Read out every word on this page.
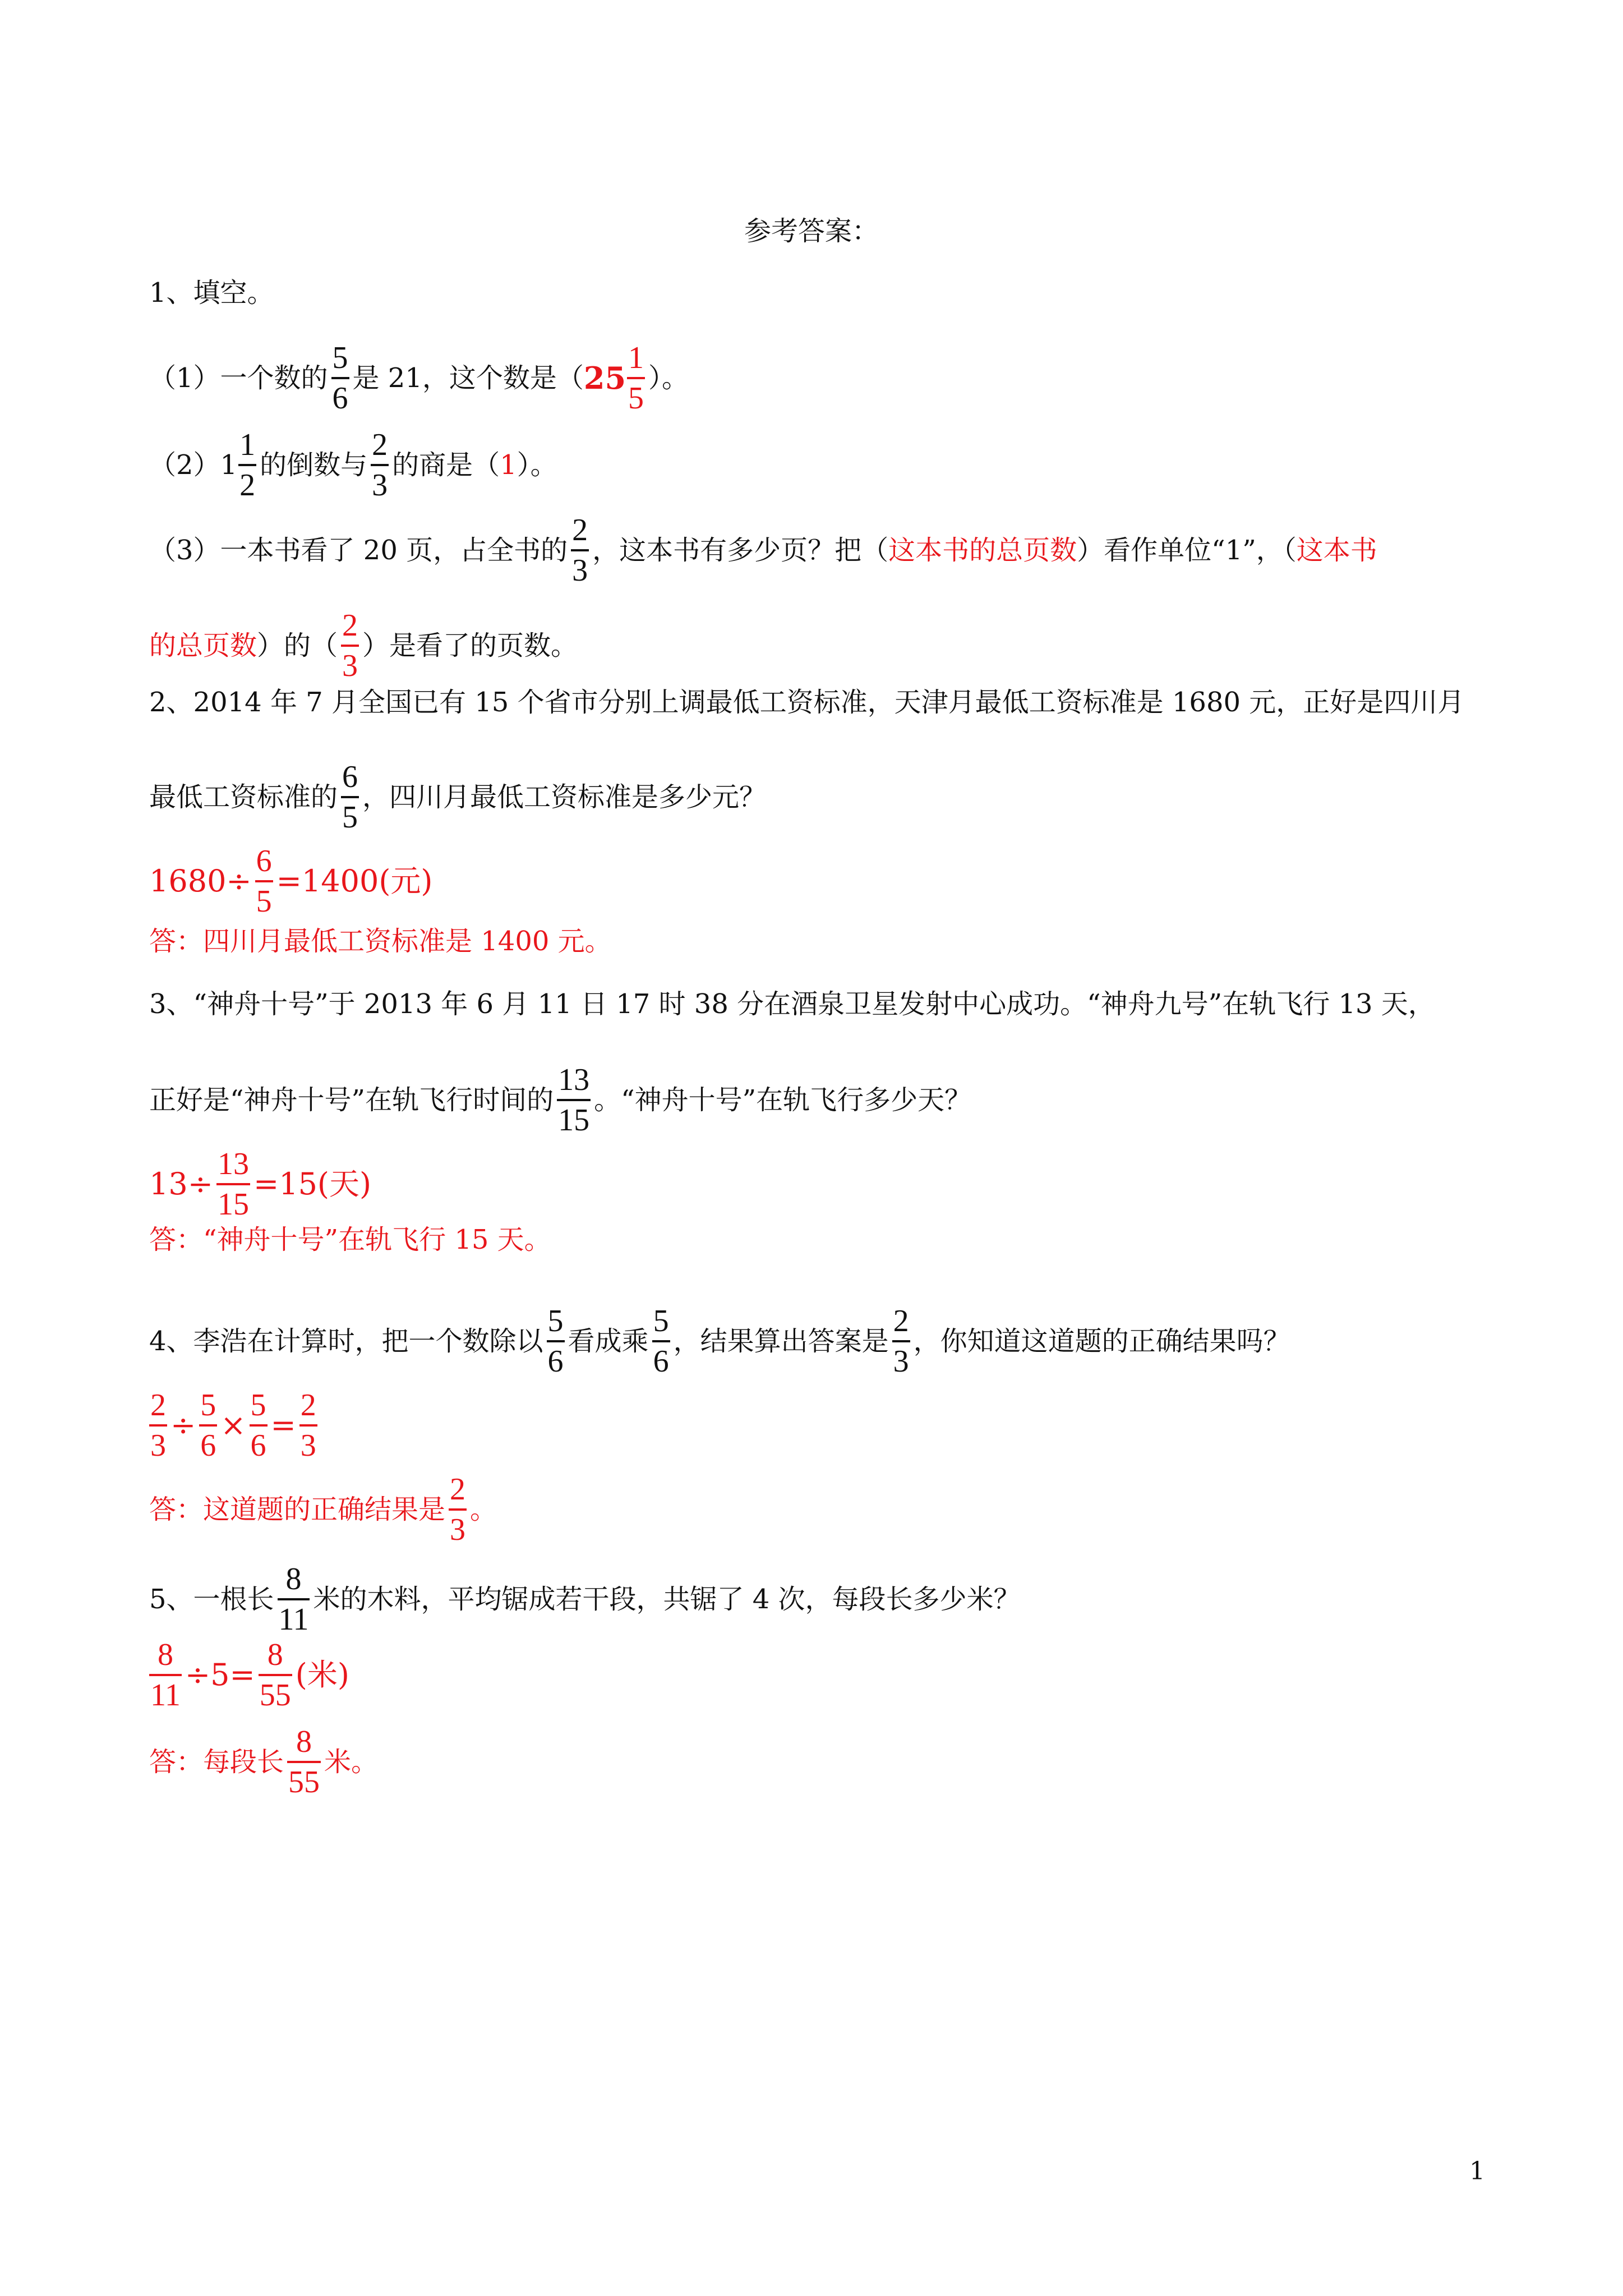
参考答案：
1、填空。
（1）一个数的 $\frac{5}{6}$ 是 21，这个数是（ $25 \frac{1}{5}$ ）。
$(2)1 \frac{1}{2}$ 的倒数与 $\frac{2}{3}$ 的商是（ 1 ）。
（3）一本书看了 20 页，占全书的 $\frac{2}{3}$ ，这本书有多少页？把（ 这本书的总页数 ）看作单位“1”，（ 这本书
的总页数 ）的（ $\frac{2}{3}$ ）是看了的页数。
2、2014 年 7 月全国已有 15 个省市分别上调最低工资标准，天津月最低工资标准是 1680 元，正好是四川月
最低工资标准的 $\frac{6}{5}$ ，四川月最低工资标准是多少元？
$1680\div \frac{6}{5} =1400$(元)
答：四川月最低工资标准是 1400 元。
3、“神舟十号”于 2013 年 6 月 11 日 17 时 38 分在酒泉卫星发射中心成功。“神舟九号”在轨飞行 13 天，
正好是“神舟十号”在轨飞行时间的 $\frac{13}{15}$ 。“神舟十号”在轨飞行多少天？
$13\div \frac{13}{15} =15$(天)
答：“神舟十号”在轨飞行 15 天。
4、李浩在计算时，把一个数除以 $\frac{5}{6}$ 看成乘 $\frac{5}{6}$ ，结果算出答案是 $\frac{2}{3}$ ，你知道这道题的正确结果吗？
$\frac{2}{3} \div \frac{5}{6} \times \frac{5}{6} = \frac{2}{3}$
答：这道题的正确结果是 $\frac{2}{3}$ 。
5、一根长 $\frac{8}{11}$ 米的木料，平均锯成若干段，共锯了 4 次，每段长多少米？
$\frac{8}{11} \div 5= \frac{8}{55}$ (米)
答：每段长 $\frac{8}{55}$ 米。
1
